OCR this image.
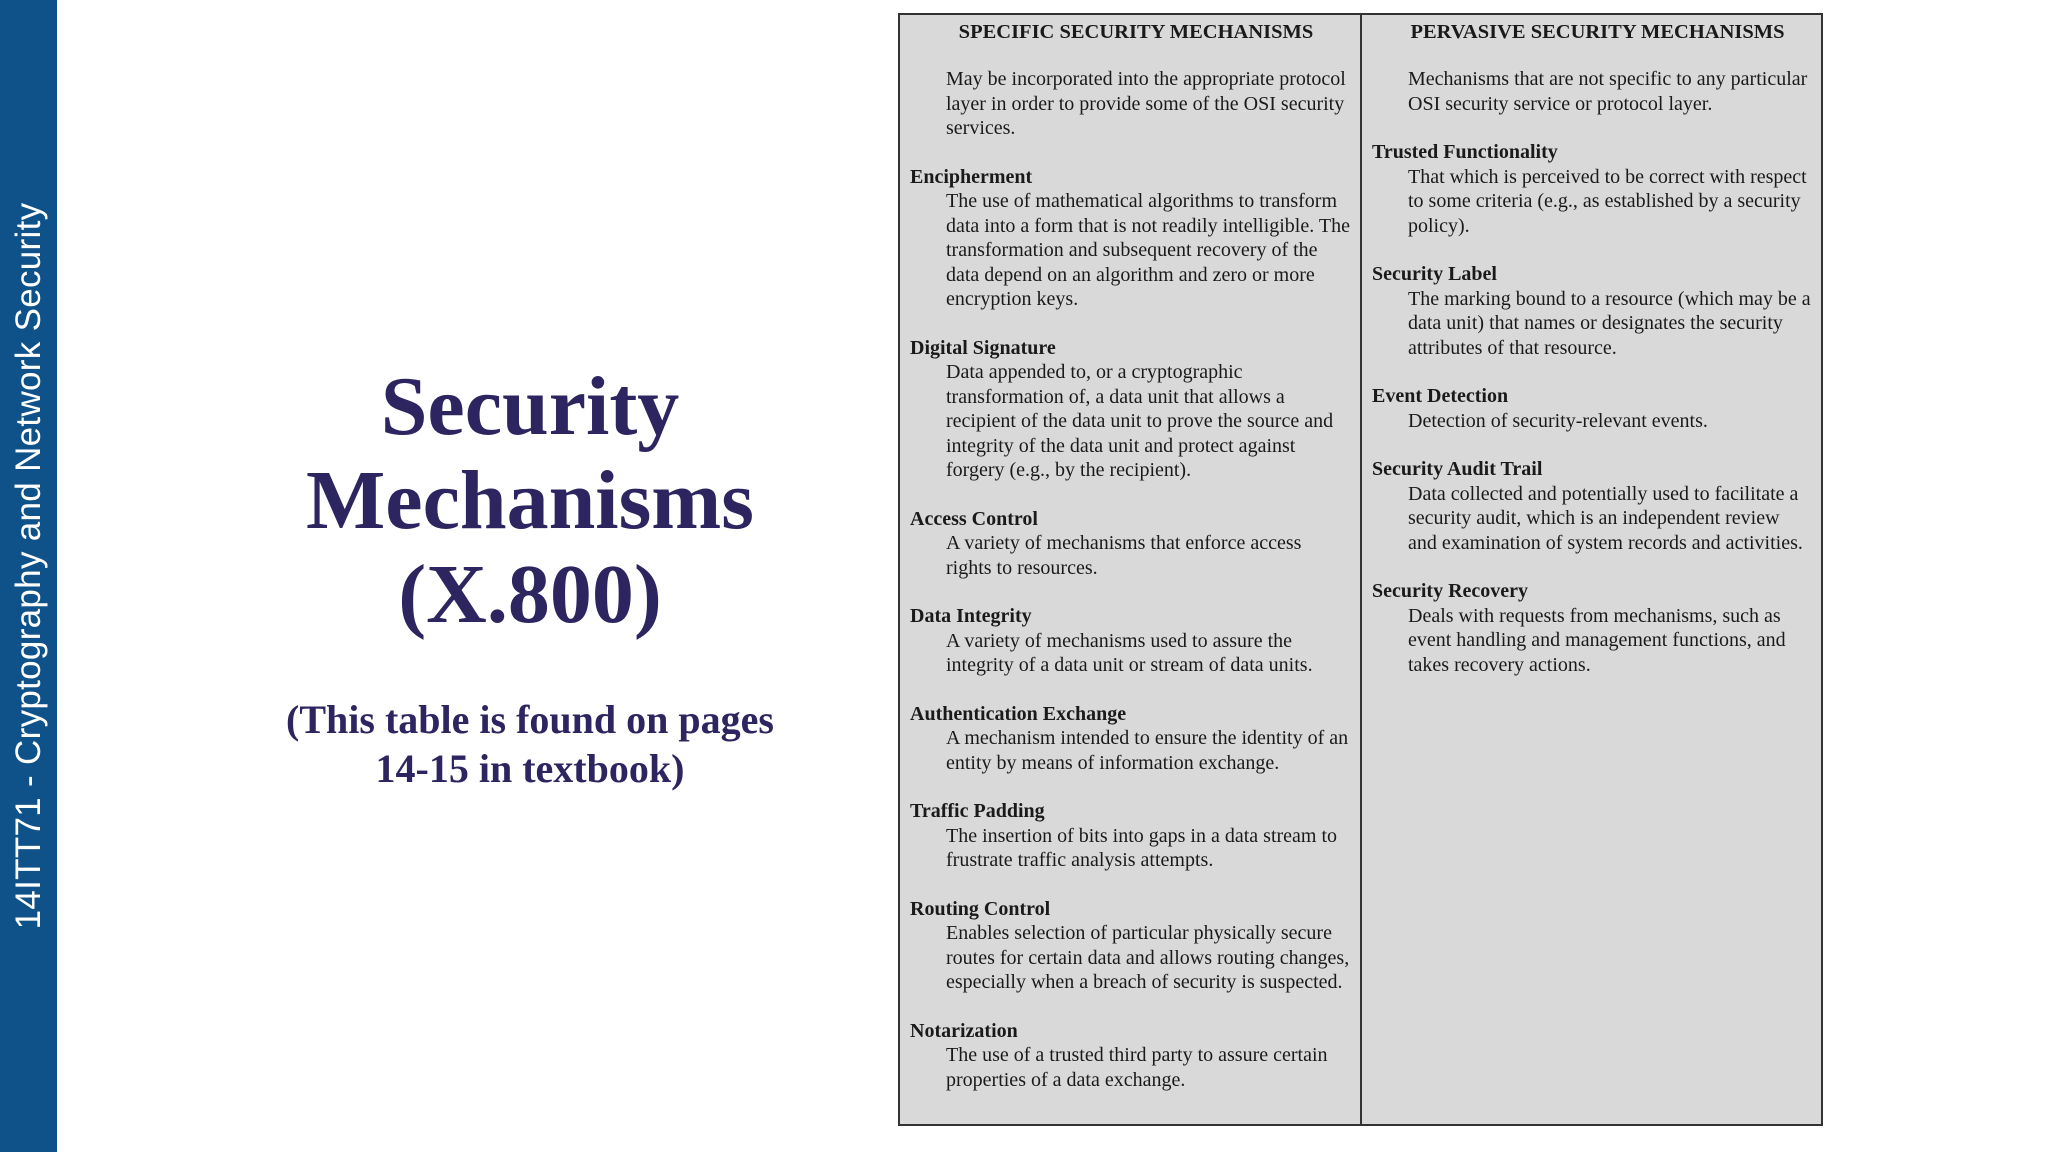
14ITT71 - Cryptography and Network Security	Security
Mechanisms
(X.800)
(This table is found on pages
14-15 in textbook)
SPECIFIC SECURITY MECHANISMS
May be incorporated into the appropriate protocol layer in order to provide some of the OSI security services.
Encipherment
The use of mathematical algorithms to transform data into a form that is not readily intelligible. The transformation and subsequent recovery of the data depend on an algorithm and zero or more encryption keys.
Digital Signature
Data appended to, or a cryptographic transformation of, a data unit that allows a recipient of the data unit to prove the source and integrity of the data unit and protect against forgery (e.g., by the recipient).
Access Control
A variety of mechanisms that enforce access rights to resources.
Data Integrity
A variety of mechanisms used to assure the integrity of a data unit or stream of data units.
Authentication Exchange
A mechanism intended to ensure the identity of an entity by means of information exchange.
Traffic Padding
The insertion of bits into gaps in a data stream to frustrate traffic analysis attempts.
Routing Control
Enables selection of particular physically secure routes for certain data and allows routing changes, especially when a breach of security is suspected.
Notarization
The use of a trusted third party to assure certain properties of a data exchange.
PERVASIVE SECURITY MECHANISMS
Mechanisms that are not specific to any particular OSI security service or protocol layer.
Trusted Functionality
That which is perceived to be correct with respect to some criteria (e.g., as established by a security policy).
Security Label
The marking bound to a resource (which may be a data unit) that names or designates the security attributes of that resource.
Event Detection
Detection of security-relevant events.
Security Audit Trail
Data collected and potentially used to facilitate a security audit, which is an independent review and examination of system records and activities.
Security Recovery
Deals with requests from mechanisms, such as event handling and management functions, and takes recovery actions.
